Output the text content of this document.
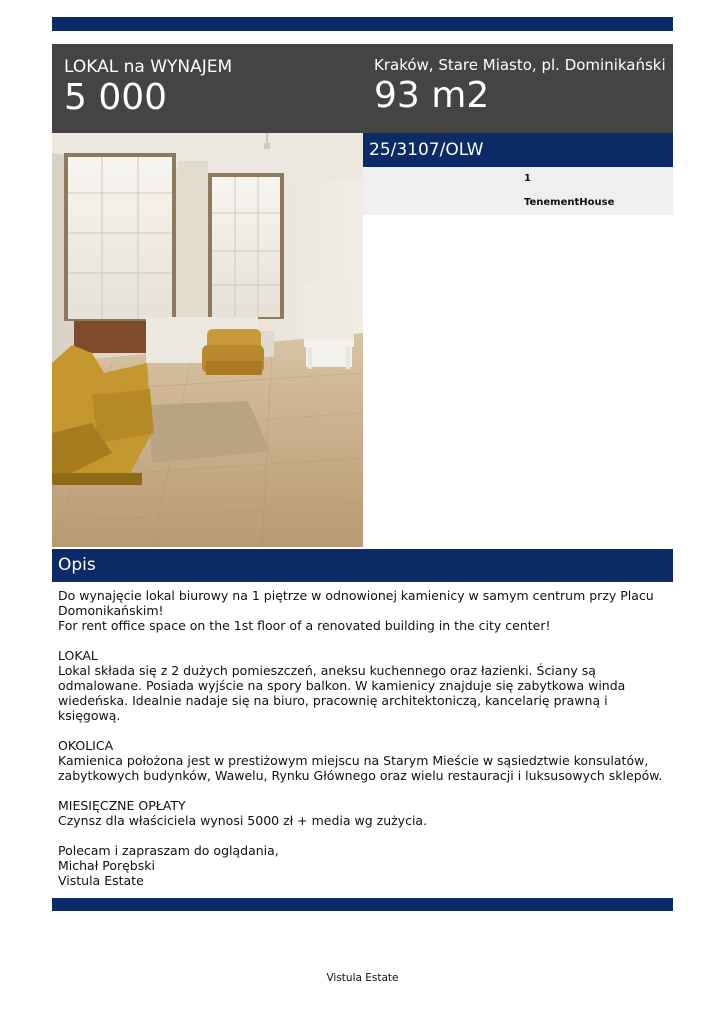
LOKAL na WYNAJEM
5 000
Kraków, Stare Miasto, pl. Dominikański
93 m2
25/3107/OLW
1
TenementHouse
Opis

Do wynajęcie lokal biurowy na 1 piętrze w odnowionej kamienicy w samym centrum przy Placu

Domonikańskim!

For rent office space on the 1st floor of a renovated building in the city center!

LOKAL

Lokal składa się z 2 dużych pomieszczeń, aneksu kuchennego oraz łazienki. Ściany są

odmalowane. Posiada wyjście na spory balkon. W kamienicy znajduje się zabytkowa winda

wiedeńska. Idealnie nadaje się na biuro, pracownię architektoniczą, kancelarię prawną i księgową.

OKOLICA

Kamienica położona jest w prestiżowym miejscu na Starym Mieście w sąsiedztwie konsulatów,

zabytkowych budynków, Wawelu, Rynku Głównego oraz wielu restauracji i luksusowych sklepów.

MIESIĘCZNE OPŁATY

Czynsz dla właściciela wynosi 5000 zł + media wg zużycia.

Polecam i zapraszam do oglądania,

Michał Porębski

Vistula Estate

Vistula Estate
